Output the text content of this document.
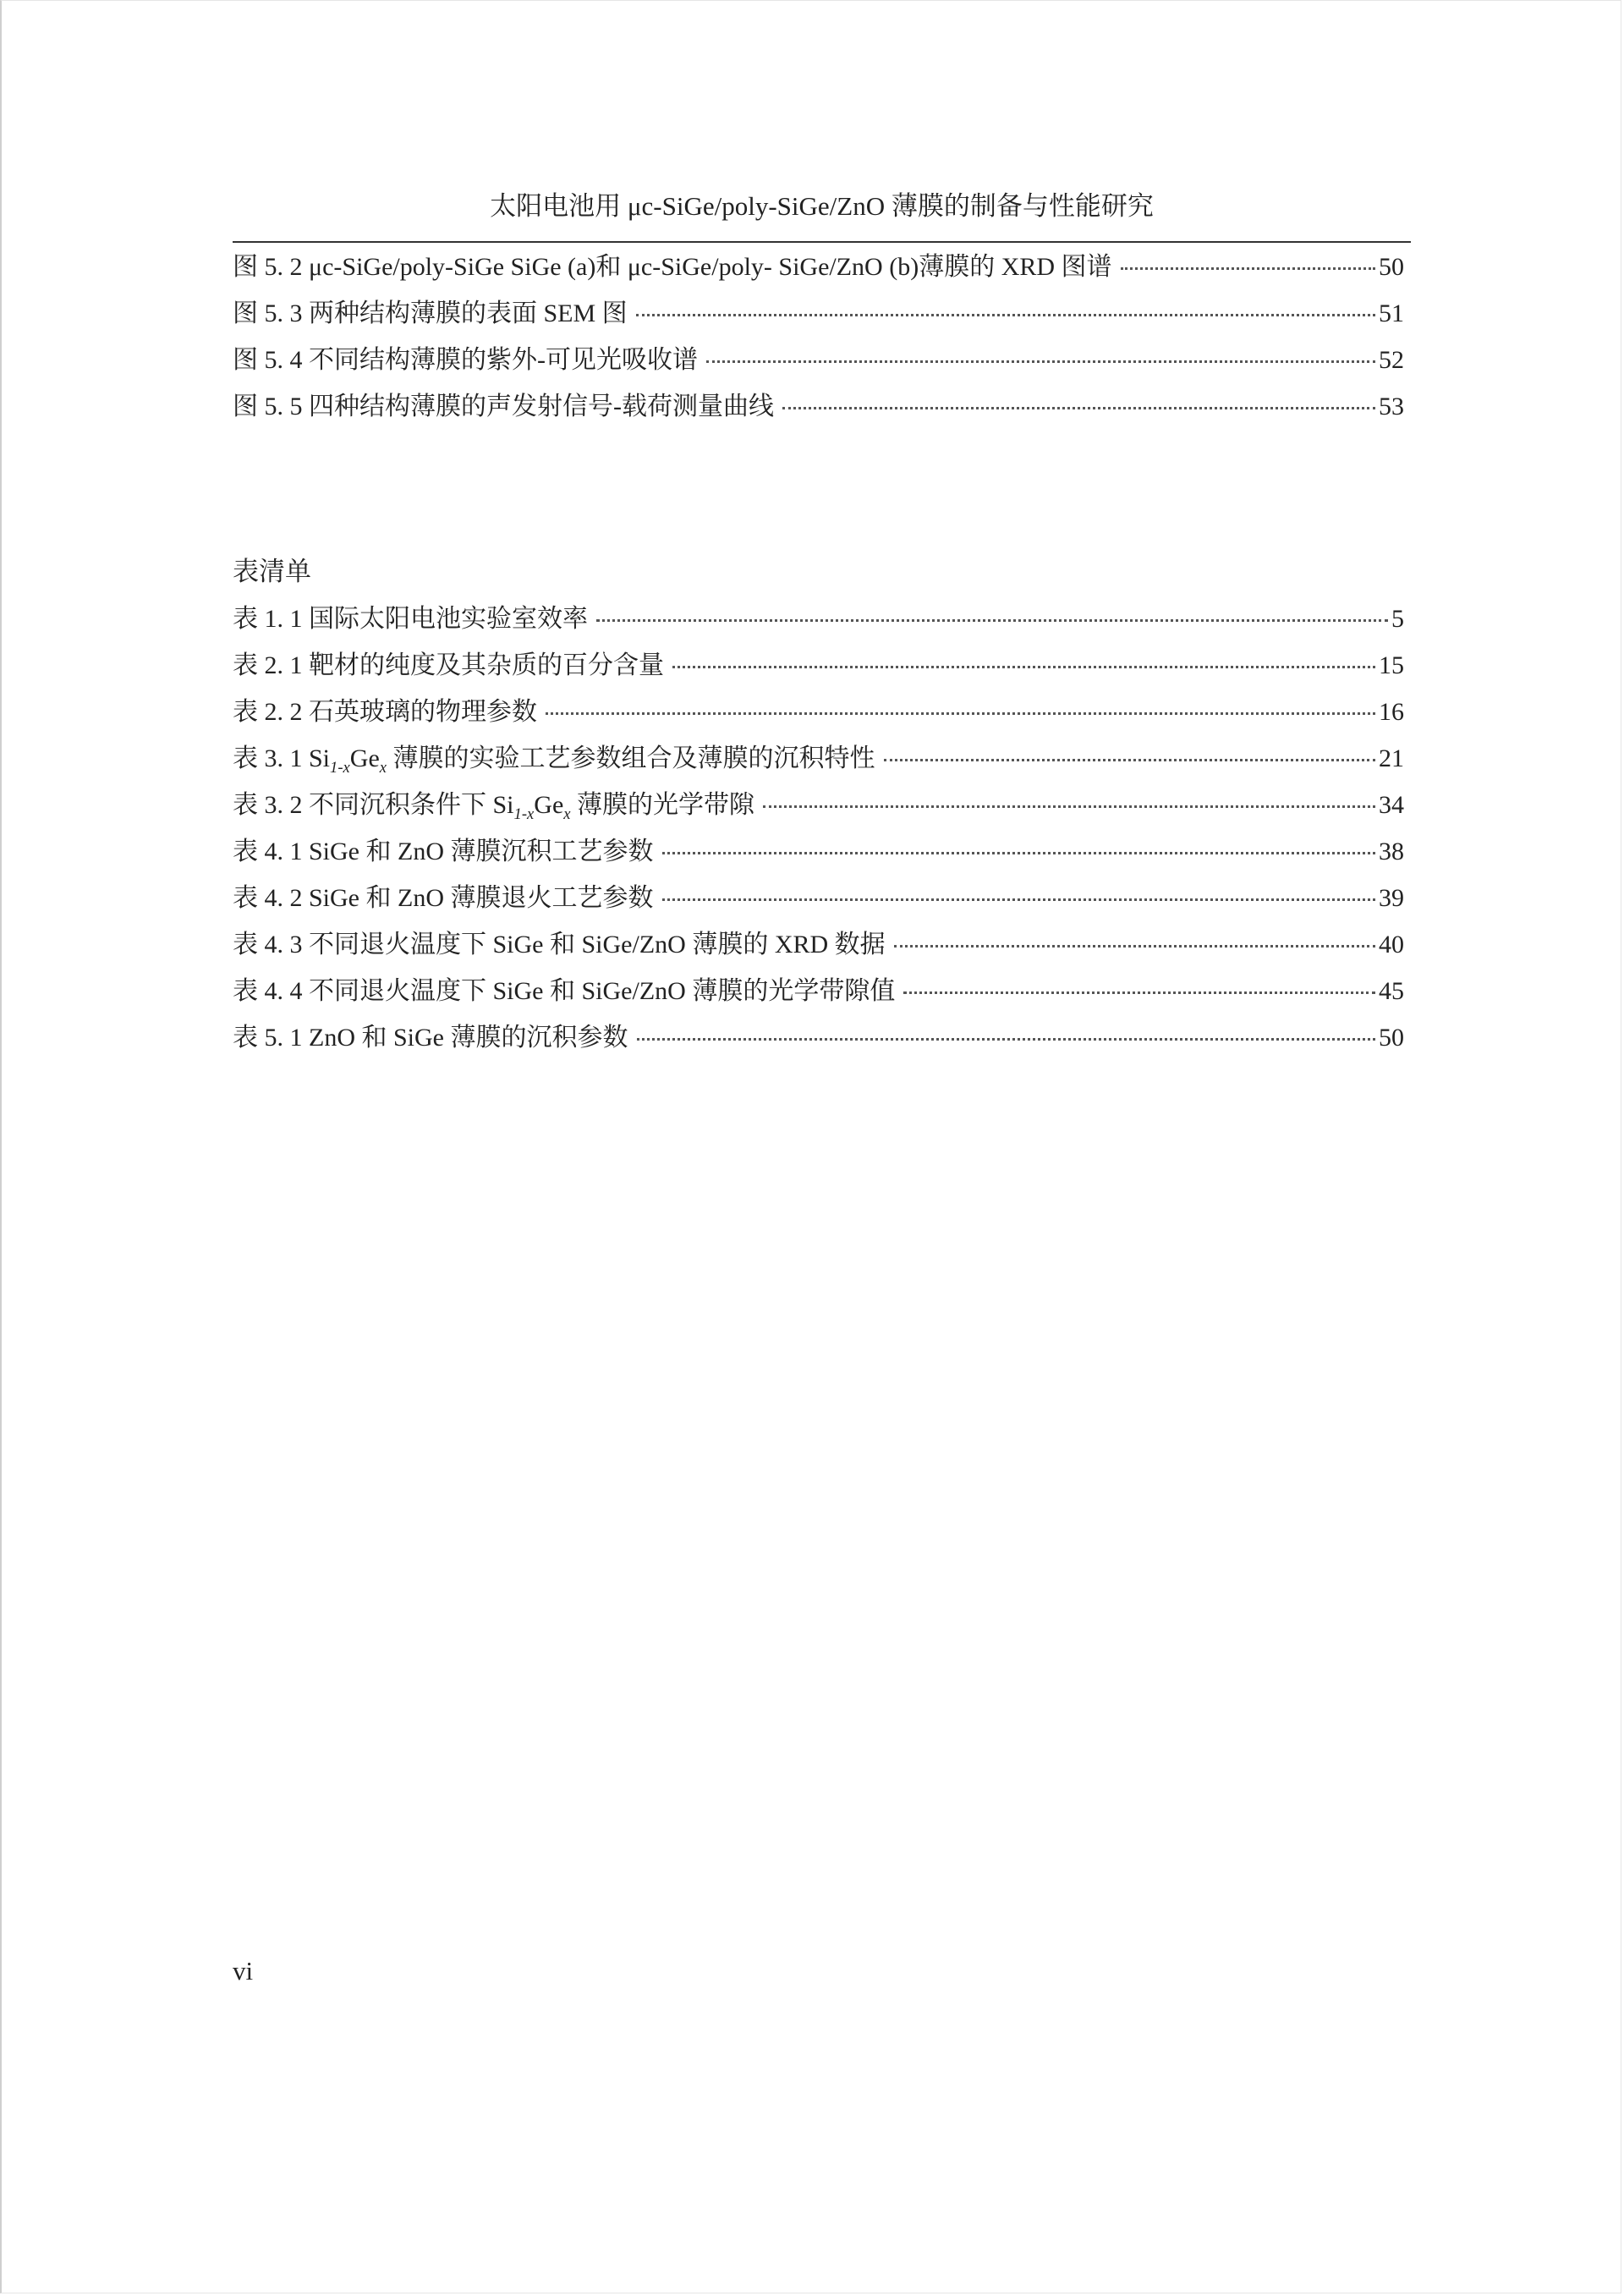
太阳电池用 μc-SiGe/poly-SiGe/ZnO 薄膜的制备与性能研究
图 5. 2 μc-SiGe/poly-SiGe SiGe (a)和 μc-SiGe/poly- SiGe/ZnO (b)薄膜的 XRD 图谱	50
图 5. 3 两种结构薄膜的表面 SEM 图	51
图 5. 4 不同结构薄膜的紫外-可见光吸收谱	52
图 5. 5 四种结构薄膜的声发射信号-载荷测量曲线	53
表清单
表 1. 1 国际太阳电池实验室效率	5
表 2. 1 靶材的纯度及其杂质的百分含量	15
表 2. 2 石英玻璃的物理参数	16
表 3. 1 $Si_{1-x}Ge_x$ 薄膜的实验工艺参数组合及薄膜的沉积特性	21
表 3. 2 不同沉积条件下 $Si_{1-x}Ge_x$ 薄膜的光学带隙	34
表 4. 1 SiGe 和 ZnO 薄膜沉积工艺参数	38
表 4. 2 SiGe 和 ZnO 薄膜退火工艺参数	39
表 4. 3 不同退火温度下 SiGe 和 SiGe/ZnO 薄膜的 XRD 数据	40
表 4. 4 不同退火温度下 SiGe 和 SiGe/ZnO 薄膜的光学带隙值	45
表 5. 1 ZnO 和 SiGe 薄膜的沉积参数	50
vi
